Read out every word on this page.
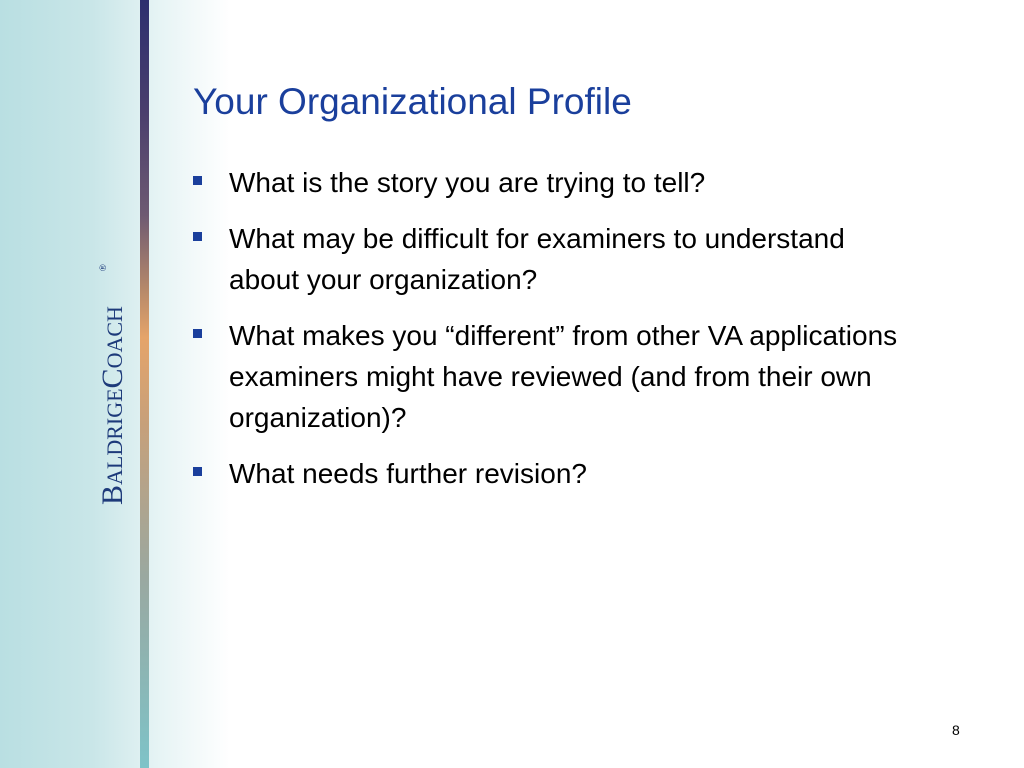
BALDRIGECOACH
®
Your Organizational Profile
What is the story you are trying to tell?
What may be difficult for examiners to understand about your organization?
What makes you “different” from other VA applications examiners might have reviewed (and from their own organization)?
What needs further revision?
8
